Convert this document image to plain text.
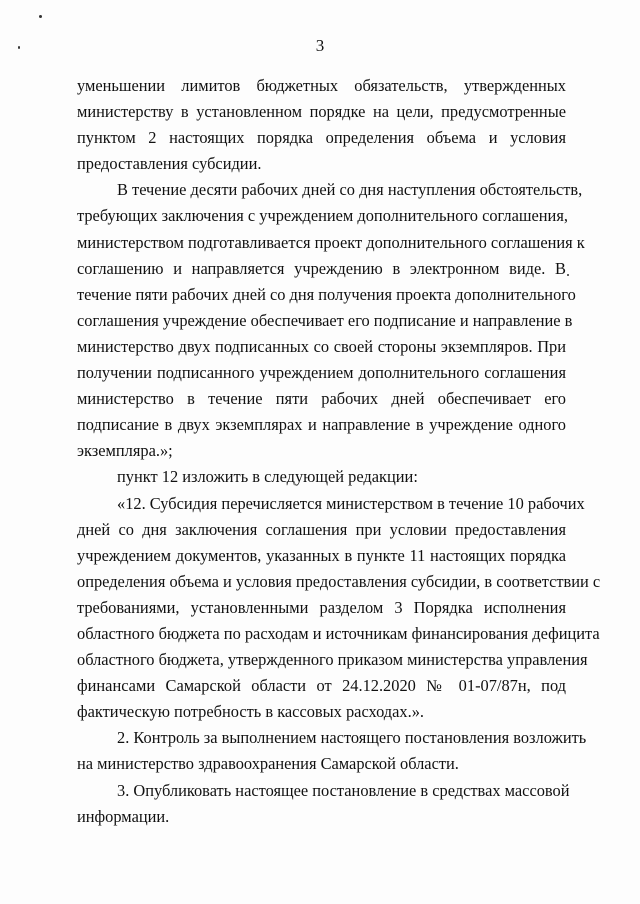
3
уменьшении лимитов бюджетных обязательств, утвержденных
министерству в установленном порядке на цели, предусмотренные
пунктом 2 настоящих порядка определения объема и условия
предоставления субсидии.
В течение десяти рабочих дней со дня наступления обстоятельств,
требующих заключения с учреждением дополнительного соглашения,
министерством подготавливается проект дополнительного соглашения к
соглашению и направляется учреждению в электронном виде. В
течение пяти рабочих дней со дня получения проекта дополнительного
соглашения учреждение обеспечивает его подписание и направление в
министерство двух подписанных со своей стороны экземпляров. При
получении подписанного учреждением дополнительного соглашения
министерство в течение пяти рабочих дней обеспечивает его
подписание в двух экземплярах и направление в учреждение одного
экземпляра.»;
пункт 12 изложить в следующей редакции:
«12. Субсидия перечисляется министерством в течение 10 рабочих
дней со дня заключения соглашения при условии предоставления
учреждением документов, указанных в пункте 11 настоящих порядка
определения объема и условия предоставления субсидии, в соответствии с
требованиями, установленными разделом 3 Порядка исполнения
областного бюджета по расходам и источникам финансирования дефицита
областного бюджета, утвержденного приказом министерства управления
финансами Самарской области от 24.12.2020 № 01-07/87н, под
фактическую потребность в кассовых расходах.».
2. Контроль за выполнением настоящего постановления возложить
на министерство здравоохранения Самарской области.
3. Опубликовать настоящее постановление в средствах массовой
информации.
